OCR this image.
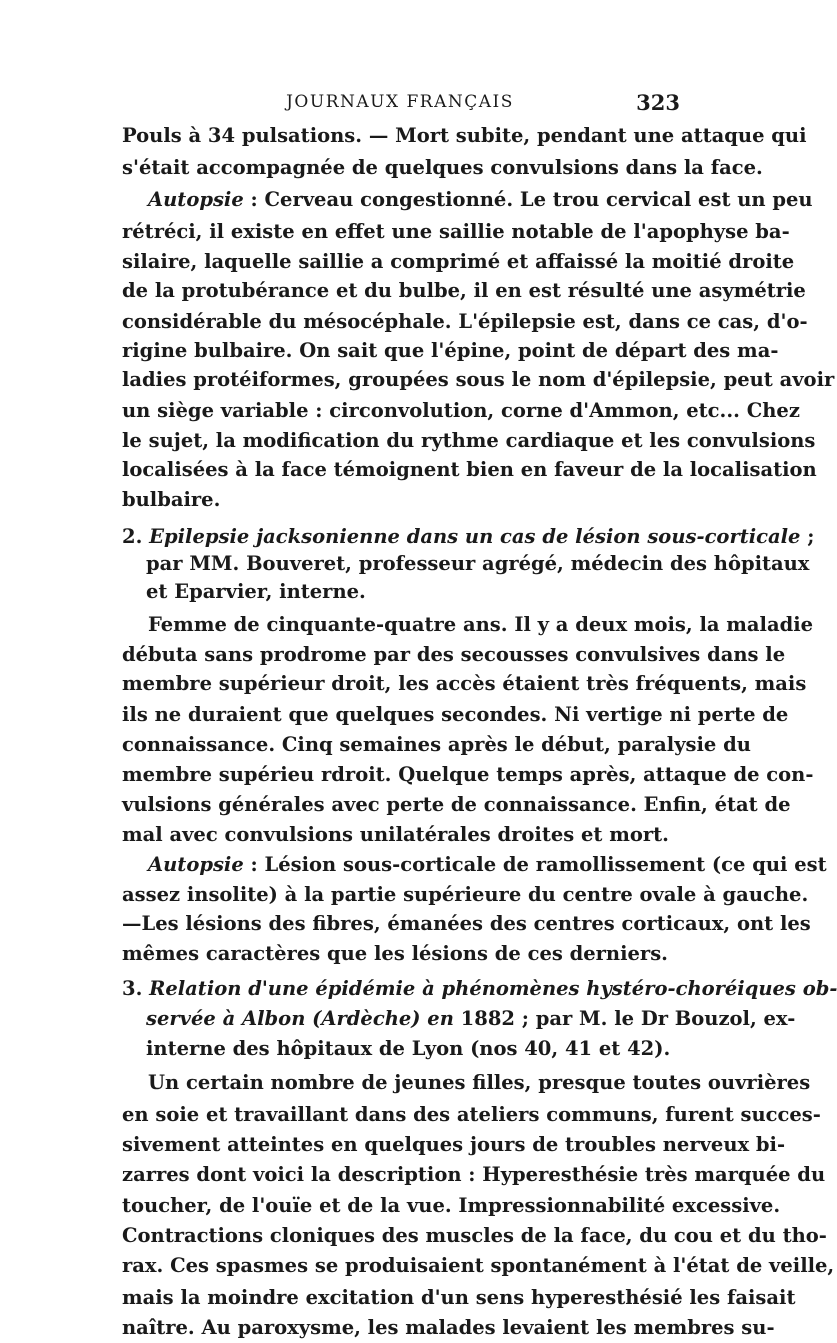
JOURNAUX FRANÇAIS	323
Pouls à 34 pulsations. — Mort subite, pendant une attaque qui
s'était accompagnée de quelques convulsions dans la face.
Autopsie : Cerveau congestionné. Le trou cervical est un peu
rétréci, il existe en effet une saillie notable de l'apophyse ba-
silaire, laquelle saillie a comprimé et affaissé la moitié droite
de la protubérance et du bulbe, il en est résulté une asymétrie
considérable du mésocéphale. L'épilepsie est, dans ce cas, d'o-
rigine bulbaire. On sait que l'épine, point de départ des ma-
ladies protéiformes, groupées sous le nom d'épilepsie, peut avoir
un siège variable : circonvolution, corne d'Ammon, etc... Chez
le sujet, la modification du rythme cardiaque et les convulsions
localisées à la face témoignent bien en faveur de la localisation
bulbaire.
2. Epilepsie jacksonienne dans un cas de lésion sous-corticale ;
par MM. Bouveret, professeur agrégé, médecin des hôpitaux
et Eparvier, interne.
Femme de cinquante-quatre ans. Il y a deux mois, la maladie
débuta sans prodrome par des secousses convulsives dans le
membre supérieur droit, les accès étaient très fréquents, mais
ils ne duraient que quelques secondes. Ni vertige ni perte de
connaissance. Cinq semaines après le début, paralysie du
membre supérieu rdroit. Quelque temps après, attaque de con-
vulsions générales avec perte de connaissance. Enfin, état de
mal avec convulsions unilatérales droites et mort.
Autopsie : Lésion sous-corticale de ramollissement (ce qui est
assez insolite) à la partie supérieure du centre ovale à gauche.
—Les lésions des fibres, émanées des centres corticaux, ont les
mêmes caractères que les lésions de ces derniers.
3. Relation d'une épidémie à phénomènes hystéro-choréiques ob-
servée à Albon (Ardèche) en 1882 ; par M. le Dr Bouzol, ex-
interne des hôpitaux de Lyon (nos 40, 41 et 42).
Un certain nombre de jeunes filles, presque toutes ouvrières
en soie et travaillant dans des ateliers communs, furent succes-
sivement atteintes en quelques jours de troubles nerveux bi-
zarres dont voici la description : Hyperesthésie très marquée du
toucher, de l'ouïe et de la vue. Impressionnabilité excessive.
Contractions cloniques des muscles de la face, du cou et du tho-
rax. Ces spasmes se produisaient spontanément à l'état de veille,
mais la moindre excitation d'un sens hyperesthésié les faisait
naître. Au paroxysme, les malades levaient les membres su-
